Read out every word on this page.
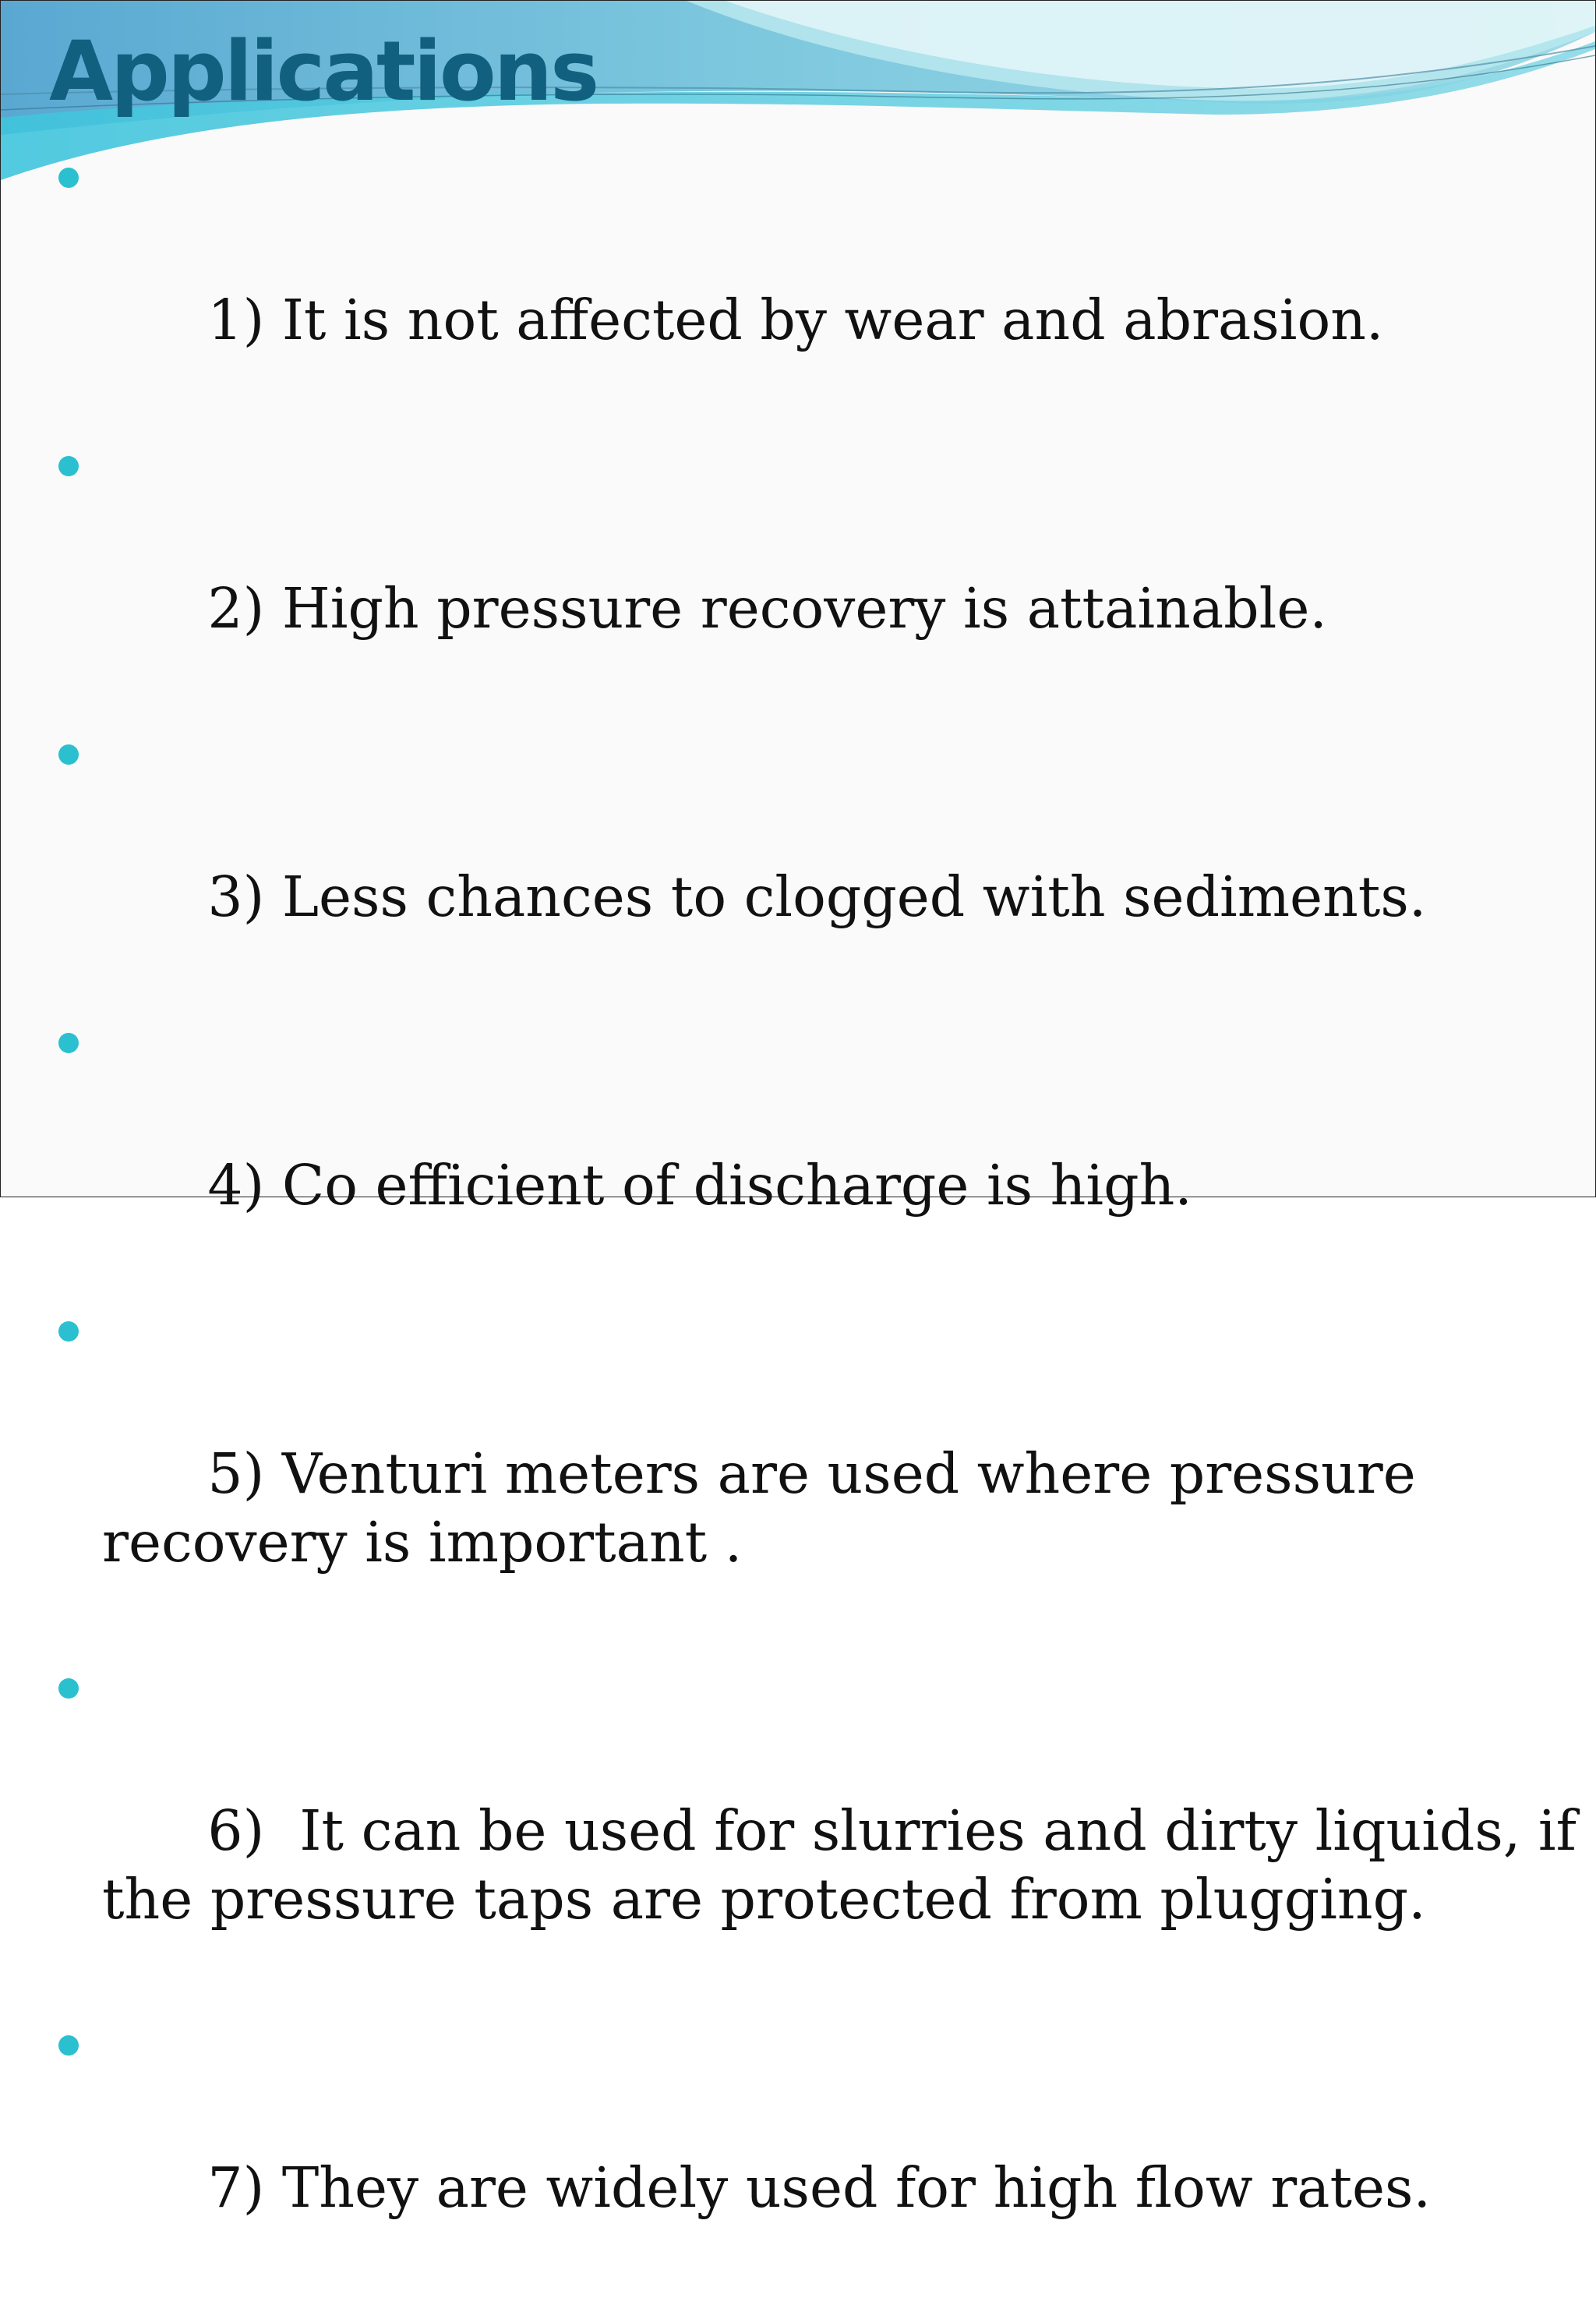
Applications

1) It is not affected by wear and abrasion.

2) High pressure recovery is attainable.

3) Less chances to clogged with sediments.

4) Co efficient of discharge is high.

5) Venturi meters are used where pressure recovery is important .

6)  It can be used for slurries and dirty liquids, if the pressure taps are protected from plugging.

7) They are widely used for high flow rates.
